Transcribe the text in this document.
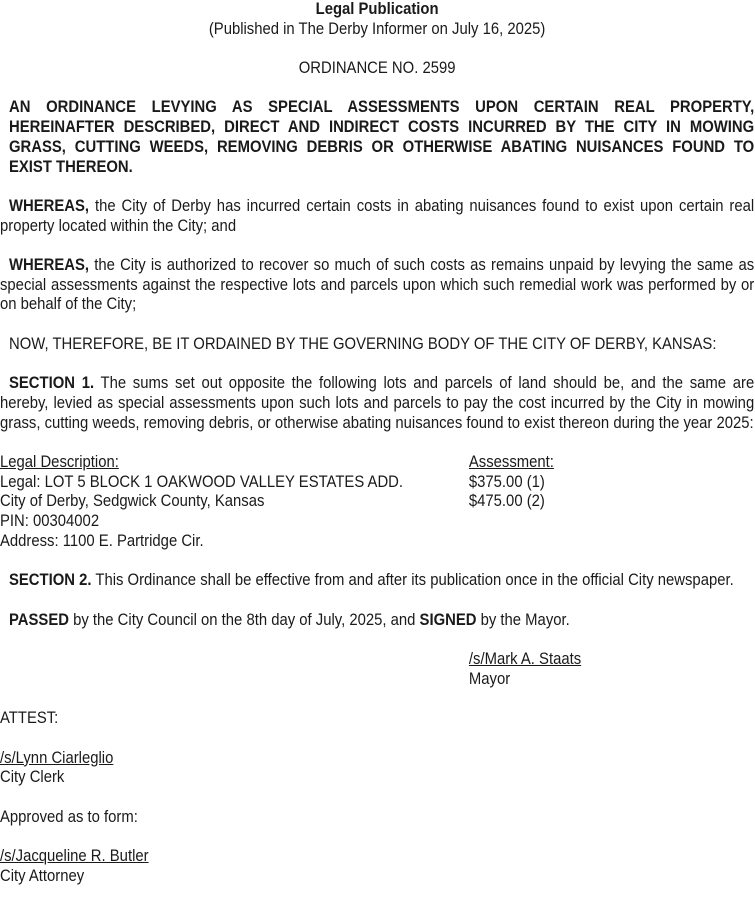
Legal Publication
(Published in The Derby Informer on July 16, 2025)
ORDINANCE NO. 2599
AN ORDINANCE LEVYING AS SPECIAL ASSESSMENTS UPON CERTAIN REAL PROPERTY,
HEREINAFTER DESCRIBED, DIRECT AND INDIRECT COSTS INCURRED BY THE CITY IN MOWING
GRASS, CUTTING WEEDS, REMOVING DEBRIS OR OTHERWISE ABATING NUISANCES FOUND TO
EXIST THEREON.
WHEREAS, the City of Derby has incurred certain costs in abating nuisances found to exist upon certain real property located within the City; and
WHEREAS, the City is authorized to recover so much of such costs as remains unpaid by levying the same as special assessments against the respective lots and parcels upon which such remedial work was performed by or on behalf of the City;
NOW, THEREFORE, BE IT ORDAINED BY THE GOVERNING BODY OF THE CITY OF DERBY, KANSAS:
SECTION 1. The sums set out opposite the following lots and parcels of land should be, and the same are hereby, levied as special assessments upon such lots and parcels to pay the cost incurred by the City in mowing grass, cutting weeds, removing debris, or otherwise abating nuisances found to exist thereon during the year 2025:
Legal Description:	Assessment:
Legal: LOT 5 BLOCK 1 OAKWOOD VALLEY ESTATES ADD.	$375.00 (1)
City of Derby, Sedgwick County, Kansas	$475.00 (2)
PIN: 00304002
Address: 1100 E. Partridge Cir.
SECTION 2. This Ordinance shall be effective from and after its publication once in the official City newspaper.
PASSED by the City Council on the 8th day of July, 2025, and SIGNED by the Mayor.
/s/Mark A. Staats
Mayor
ATTEST:
/s/Lynn Ciarleglio
City Clerk
Approved as to form:
/s/Jacqueline R. Butler
City Attorney
